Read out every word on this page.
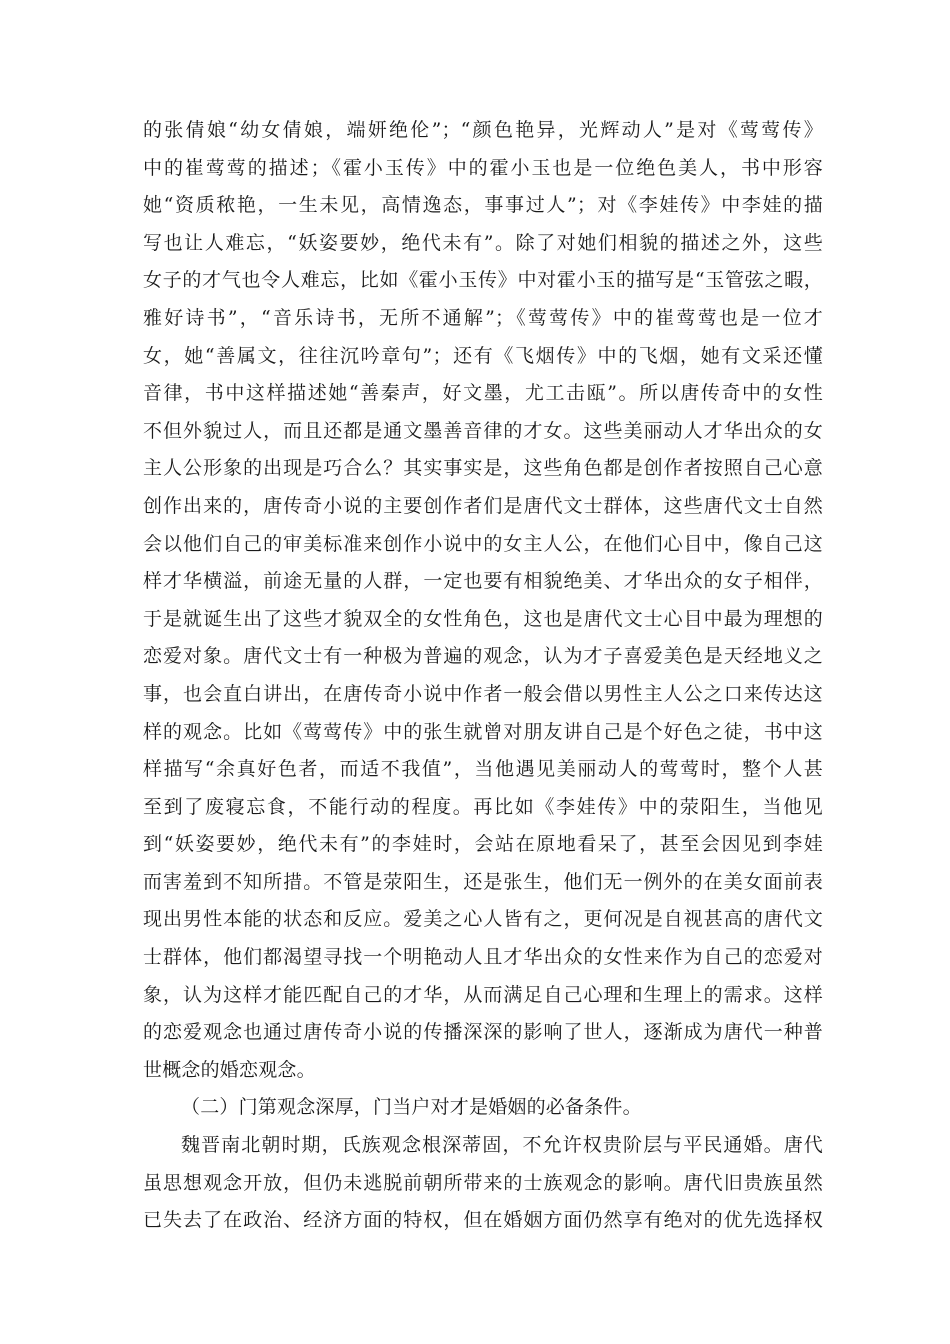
的张倩娘“幼女倩娘，端妍绝伦”；“颜色艳异，光辉动人”是对《莺莺传》
中的崔莺莺的描述；《霍小玉传》中的霍小玉也是一位绝色美人，书中形容
她“资质秾艳，一生未见，高情逸态，事事过人”；对《李娃传》中李娃的描
写也让人难忘，“妖姿要妙，绝代未有”。除了对她们相貌的描述之外，这些
女子的才气也令人难忘，比如《霍小玉传》中对霍小玉的描写是“玉管弦之暇，
雅好诗书”，“音乐诗书，无所不通解”；《莺莺传》中的崔莺莺也是一位才
女，她“善属文，往往沉吟章句”；还有《飞烟传》中的飞烟，她有文采还懂
音律，书中这样描述她“善秦声，好文墨，尤工击瓯”。所以唐传奇中的女性
不但外貌过人，而且还都是通文墨善音律的才女。这些美丽动人才华出众的女
主人公形象的出现是巧合么？其实事实是，这些角色都是创作者按照自己心意
创作出来的，唐传奇小说的主要创作者们是唐代文士群体，这些唐代文士自然
会以他们自己的审美标准来创作小说中的女主人公，在他们心目中，像自己这
样才华横溢，前途无量的人群，一定也要有相貌绝美、才华出众的女子相伴，
于是就诞生出了这些才貌双全的女性角色，这也是唐代文士心目中最为理想的
恋爱对象。唐代文士有一种极为普遍的观念，认为才子喜爱美色是天经地义之
事，也会直白讲出，在唐传奇小说中作者一般会借以男性主人公之口来传达这
样的观念。比如《莺莺传》中的张生就曾对朋友讲自己是个好色之徒，书中这
样描写“余真好色者，而适不我值”，当他遇见美丽动人的莺莺时，整个人甚
至到了废寝忘食，不能行动的程度。再比如《李娃传》中的荥阳生，当他见
到“妖姿要妙，绝代未有”的李娃时，会站在原地看呆了，甚至会因见到李娃
而害羞到不知所措。不管是荥阳生，还是张生，他们无一例外的在美女面前表
现出男性本能的状态和反应。爱美之心人皆有之，更何况是自视甚高的唐代文
士群体，他们都渴望寻找一个明艳动人且才华出众的女性来作为自己的恋爱对
象，认为这样才能匹配自己的才华，从而满足自己心理和生理上的需求。这样
的恋爱观念也通过唐传奇小说的传播深深的影响了世人，逐渐成为唐代一种普
世概念的婚恋观念。
（二）门第观念深厚，门当户对才是婚姻的必备条件。
魏晋南北朝时期，氏族观念根深蒂固，不允许权贵阶层与平民通婚。唐代
虽思想观念开放，但仍未逃脱前朝所带来的士族观念的影响。唐代旧贵族虽然
已失去了在政治、经济方面的特权，但在婚姻方面仍然享有绝对的优先选择权
